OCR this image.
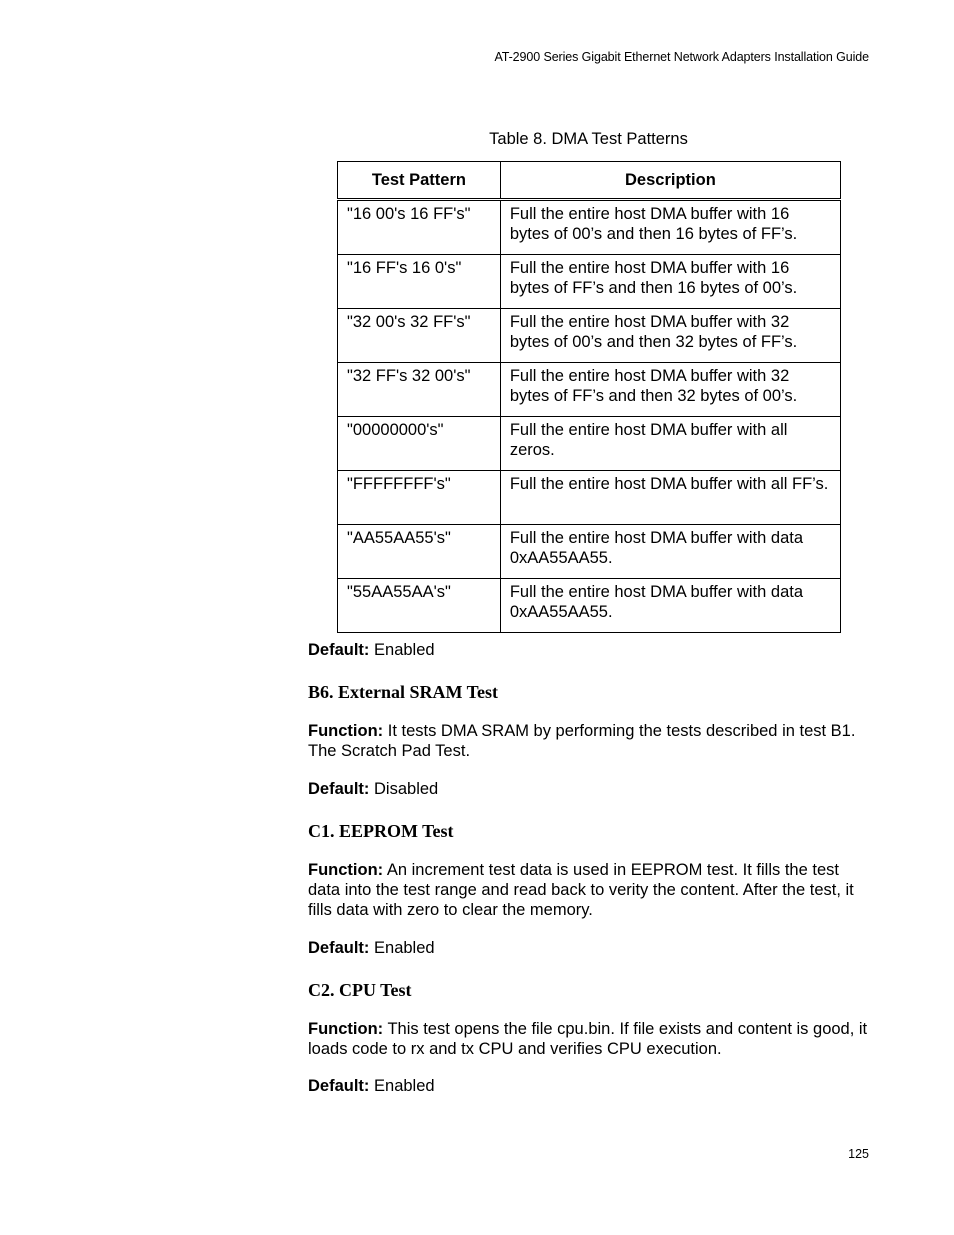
AT-2900 Series Gigabit Ethernet Network Adapters Installation Guide
Table 8. DMA Test Patterns
Test Pattern	Description
"16 00's 16 FF's"	Full the entire host DMA buffer with 16 bytes of 00’s and then 16 bytes of FF’s.
"16 FF's 16 0's"	Full the entire host DMA buffer with 16 bytes of FF’s and then 16 bytes of 00’s.
"32 00's 32 FF's"	Full the entire host DMA buffer with 32 bytes of 00’s and then 32 bytes of FF’s.
"32 FF's 32 00's"	Full the entire host DMA buffer with 32 bytes of FF’s and then 32 bytes of 00’s.
"00000000's"	Full the entire host DMA buffer with all zeros.
"FFFFFFFF's"	Full the entire host DMA buffer with all FF’s.
"AA55AA55's"	Full the entire host DMA buffer with data 0xAA55AA55.
"55AA55AA's"	Full the entire host DMA buffer with data 0xAA55AA55.
Default: Enabled
B6. External SRAM Test
Function: It tests DMA SRAM by performing the tests described in test B1. The Scratch Pad Test.
Default: Disabled
C1. EEPROM Test
Function: An increment test data is used in EEPROM test. It fills the test data into the test range and read back to verity the content. After the test, it fills data with zero to clear the memory.
Default: Enabled
C2. CPU Test
Function: This test opens the file cpu.bin. If file exists and content is good, it loads code to rx and tx CPU and verifies CPU execution.
Default: Enabled
125
